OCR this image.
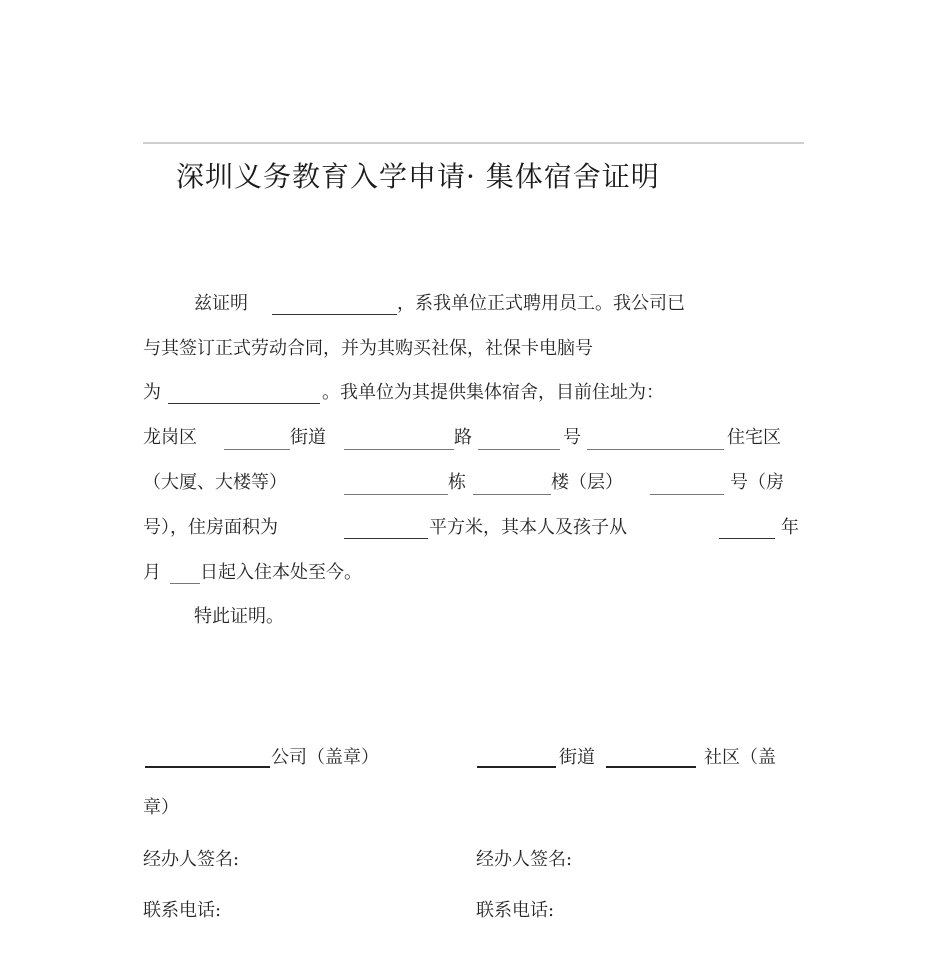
深圳义务教育入学申请· 集体宿舍证明
兹证明	，系我单位正式聘用员工。我公司已
与其签订正式劳动合同，并为其购买社保，社保卡电脑号
为	。我单位为其提供集体宿舍，目前住址为：
龙岗区	街道	路	号	住宅区
（大厦、大楼等）	栋	楼（层）	号（房
号），住房面积为	平方米，其本人及孩子从	年
月 日起入住本处至今。
特此证明。
公司（盖章）	街道	社区（盖
章）
经办人签名:	经办人签名:
联系电话:	联系电话:
